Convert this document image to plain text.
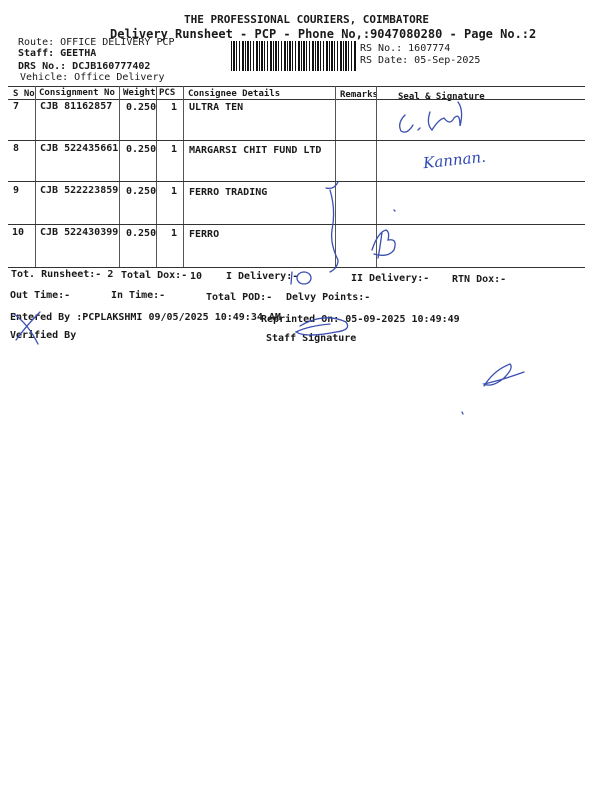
THE PROFESSIONAL COURIERS, COIMBATORE
Delivery Runsheet - PCP - Phone No,:9047080280 - Page No.:2
Route: OFFICE DELIVERY PCP
Staff: GEETHA
DRS No.: DCJB160777402
Vehicle: Office Delivery
RS No.: 1607774
RS Date: 05-Sep-2025
S No Consignment No Weight PCS Consignee Details	Remarks Seal & Signature
7 CJB 81162857 0.250 1 ULTRA TEN
8 CJB 522435661 0.250 1 MARGARSI CHIT FUND LTD
9 CJB 522223859 0.250 1 FERRO TRADING
10 CJB 522430399 0.250 1 FERRO
Tot. Runsheet:- 2 Total Dox:- 10 I Delivery:-	II Delivery:- RTN Dox:-
Out Time:-	In Time:-	Total POD:- Delvy Points:-
Entered By :PCPLAKSHMI 09/05/2025 10:49:34 AM
Reprinted On: 05-09-2025 10:49:49
Verified By	Staff Signature
Kannan.
